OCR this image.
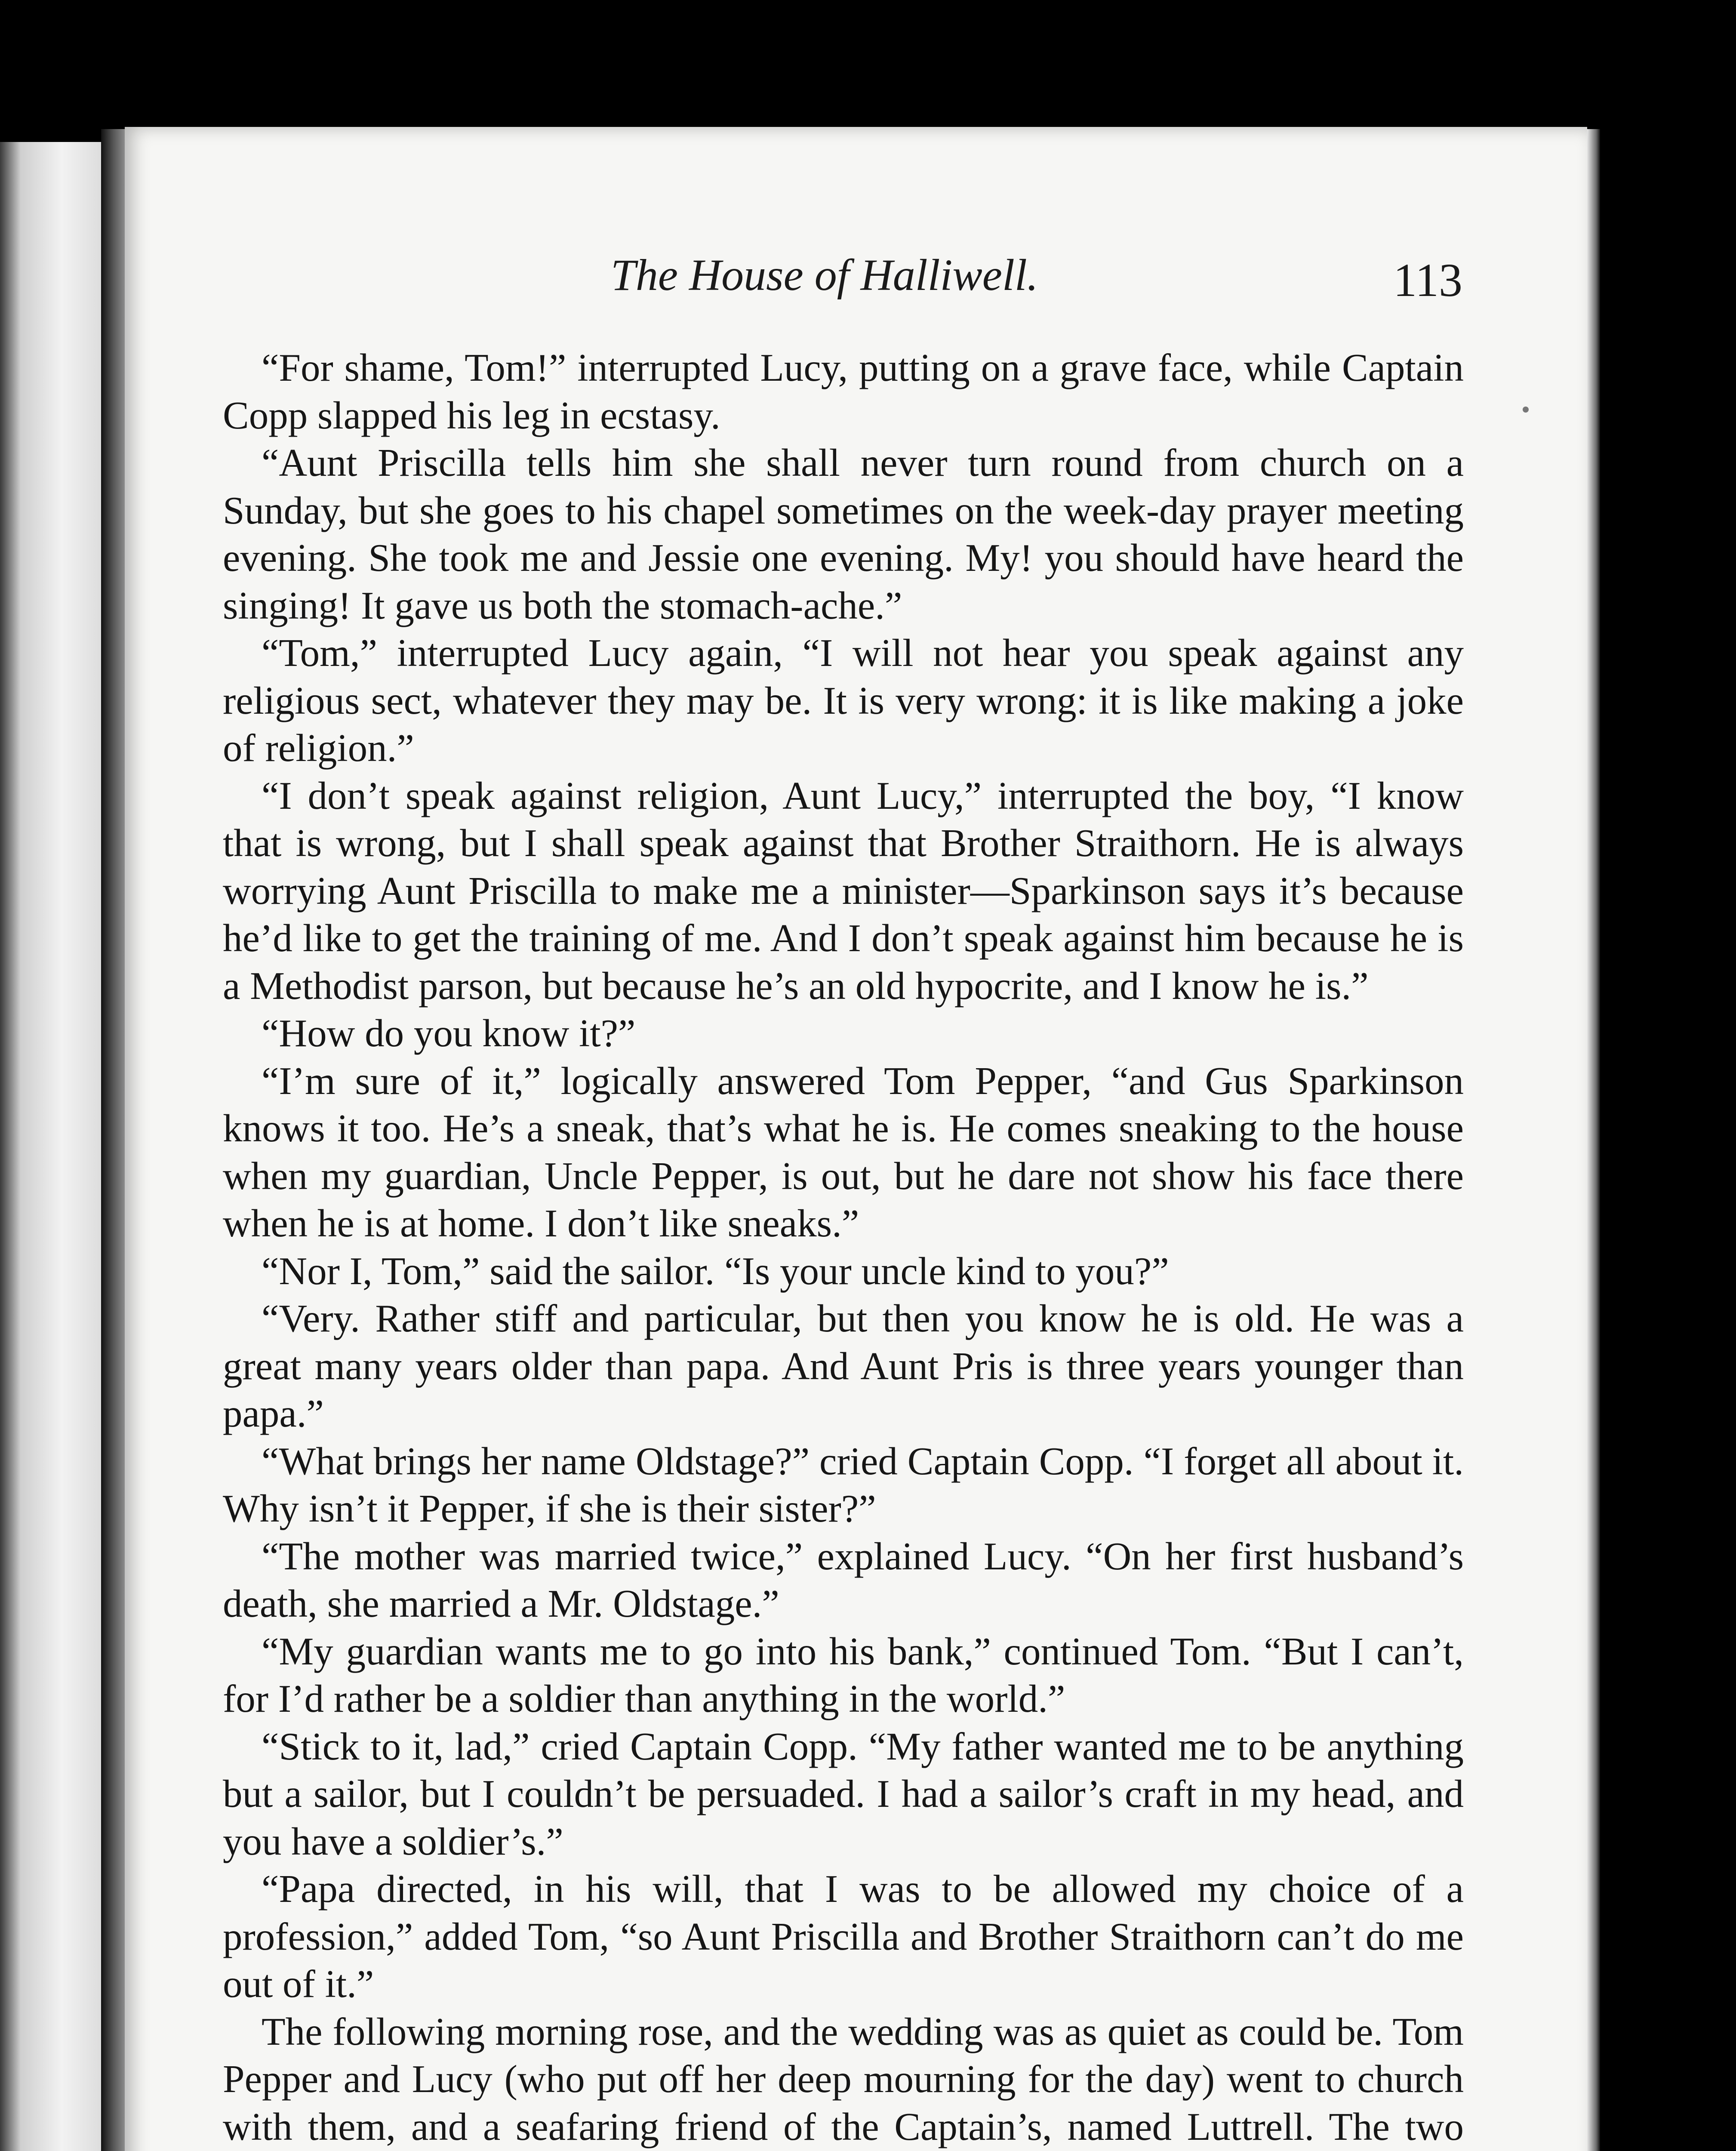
The House of Halliwell.	113

“For shame, Tom!” interrupted Lucy, putting on a grave face, while Captain Copp slapped his leg in ecstasy.

“Aunt Priscilla tells him she shall never turn round from church on a Sunday, but she goes to his chapel sometimes on the week-day prayer meeting evening. She took me and Jessie one evening. My! you should have heard the singing! It gave us both the stomach-ache.”

“Tom,” interrupted Lucy again, “I will not hear you speak against any religious sect, whatever they may be. It is very wrong: it is like making a joke of religion.”

“I don’t speak against religion, Aunt Lucy,” interrupted the boy, “I know that is wrong, but I shall speak against that Brother Straithorn. He is always worrying Aunt Priscilla to make me a minister—Sparkinson says it’s because he’d like to get the training of me. And I don’t speak against him because he is a Methodist parson, but because he’s an old hypocrite, and I know he is.”

“How do you know it?”

“I’m sure of it,” logically answered Tom Pepper, “and Gus Sparkinson knows it too. He’s a sneak, that’s what he is. He comes sneaking to the house when my guardian, Uncle Pepper, is out, but he dare not show his face there when he is at home. I don’t like sneaks.”

“Nor I, Tom,” said the sailor. “Is your uncle kind to you?”

“Very. Rather stiff and particular, but then you know he is old. He was a great many years older than papa. And Aunt Pris is three years younger than papa.”

“What brings her name Oldstage?” cried Captain Copp. “I forget all about it. Why isn’t it Pepper, if she is their sister?”

“The mother was married twice,” explained Lucy. “On her first husband’s death, she married a Mr. Oldstage.”

“My guardian wants me to go into his bank,” continued Tom. “But I can’t, for I’d rather be a soldier than anything in the world.”

“Stick to it, lad,” cried Captain Copp. “My father wanted me to be anything but a sailor, but I couldn’t be persuaded. I had a sailor’s craft in my head, and you have a soldier’s.”

“Papa directed, in his will, that I was to be allowed my choice of a profession,” added Tom, “so Aunt Priscilla and Brother Straithorn can’t do me out of it.”

The following morning rose, and the wedding was as quiet as could be. Tom Pepper and Lucy (who put off her deep mourning for the day) went to church with them, and a seafaring friend of the Captain’s, named Luttrell. The two
